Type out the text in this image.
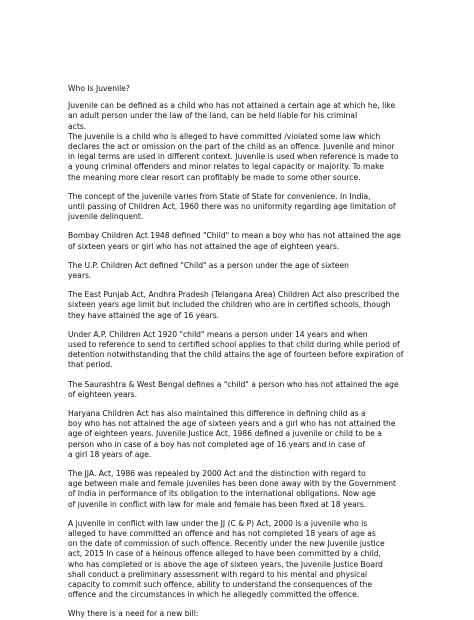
Who Is Juvenile?
Juvenile can be defined as a child who has not attained a certain age at which he, like
an adult person under the law of the land, can be held liable for his criminal
acts.
The juvenile is a child who is alleged to have committed /violated some law which
declares the act or omission on the part of the child as an offence. Juvenile and minor
in legal terms are used in different context. Juvenile is used when reference is made to
a young criminal offenders and minor relates to legal capacity or majority. To make
the meaning more clear resort can profitably be made to some other source.
The concept of the juvenile varies from State of State for convenience. In India,
until passing of Children Act, 1960 there was no uniformity regarding age limitation of
juvenile delinquent.
Bombay Children Act 1948 defined "Child" to mean a boy who has not attained the age
of sixteen years or girl who has not attained the age of eighteen years.
The U.P. Children Act defined "Child" as a person under the age of sixteen
years.
The East Punjab Act, Andhra Pradesh (Telangana Area) Children Act also prescribed the
sixteen years age limit but included the children who are in certified schools, though
they have attained the age of 16 years.
Under A.P. Children Act 1920 "child" means a person under 14 years and when
used to reference to send to certified school applies to that child during while period of
detention notwithstanding that the child attains the age of fourteen before expiration of
that period.
The Saurashtra & West Bengal defines a "child" a person who has not attained the age
of eighteen years.
Haryana Children Act has also maintained this difference in defining child as a
boy who has not attained the age of sixteen years and a girl who has not attained the
age of eighteen years. Juvenile Justice Act, 1986 defined a juvenile or child to be a
person who in case of a boy has not completed age of 16 years and in case of
a girl 18 years of age.
The JJA. Act, 1986 was repealed by 2000 Act and the distinction with regard to
age between male and female juveniles has been done away with by the Government
of India in performance of its obligation to the international obligations. Now age
of juvenile in conflict with law for male and female has been fixed at 18 years.
A juvenile in conflict with law under the JJ (C & P) Act, 2000 is a juvenile who is
alleged to have committed an offence and has not completed 18 years of age as
on the date of commission of such offence. Recently under the new Juvenile justice
act, 2015 In case of a heinous offence alleged to have been committed by a child,
who has completed or is above the age of sixteen years, the Juvenile Justice Board
shall conduct a preliminary assessment with regard to his mental and physical
capacity to commit such offence, ability to understand the consequences of the
offence and the circumstances in which he allegedly committed the offence.
Why there is a need for a new bill:
